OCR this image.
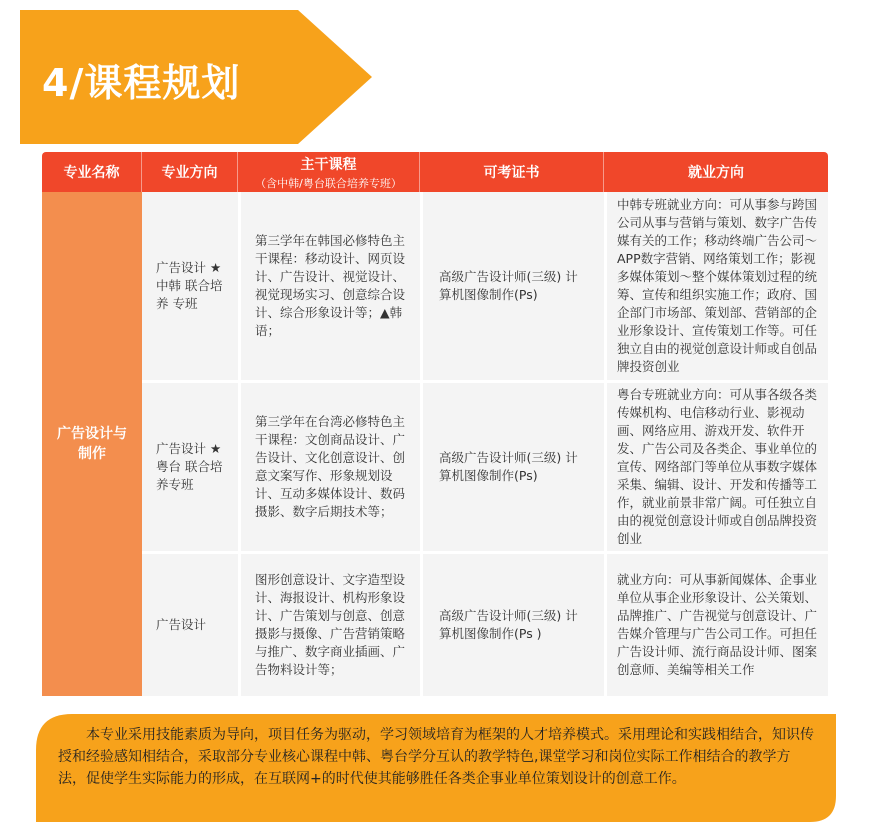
4/课程规划
专业名称	专业方向
主干课程
（含中韩/粤台联合培养专班）
可考证书	就业方向
广告设计与制作
广告设计 ★中韩 联合培养 专班
第三学年在韩国必修特色主干课程：移动设计、网页设计、广告设计、视觉设计、视觉现场实习、创意综合设计、综合形象设计等；▲韩语；
高级广告设计师(三级) 计算机图像制作(Ps)
中韩专班就业方向：可从事参与跨国公司从事与营销与策划、数字广告传媒有关的工作；移动终端广告公司～APP数字营销、网络策划工作；影视多媒体策划～整个媒体策划过程的统筹、宣传和组织实施工作；政府、国企部门市场部、策划部、营销部的企业形象设计、宣传策划工作等。可任独立自由的视觉创意设计师或自创品牌投资创业
广告设计 ★粤台 联合培养专班
第三学年在台湾必修特色主干课程：文创商品设计、广告设计、文化创意设计、创意文案写作、形象规划设计、互动多媒体设计、数码摄影、数字后期技术等；
高级广告设计师(三级) 计算机图像制作(Ps)
粤台专班就业方向：可从事各级各类传媒机构、电信移动行业、影视动画、网络应用、游戏开发、软件开发、广告公司及各类企、事业单位的宣传、网络部门等单位从事数字媒体采集、编辑、设计、开发和传播等工作，就业前景非常广阔。可任独立自由的视觉创意设计师或自创品牌投资创业
广告设计
图形创意设计、文字造型设计、海报设计、机构形象设计、广告策划与创意、创意摄影与摄像、广告营销策略与推广、数字商业插画、广告物料设计等；
高级广告设计师(三级) 计算机图像制作(Ps )
就业方向：可从事新闻媒体、企事业单位从事企业形象设计、公关策划、品牌推广、广告视觉与创意设计、广告媒介管理与广告公司工作。可担任广告设计师、流行商品设计师、图案创意师、美编等相关工作
本专业采用技能素质为导向，项目任务为驱动，学习领域培育为框架的人才培养模式。采用理论和实践相结合，知识传授和经验感知相结合，采取部分专业核心课程中韩、粤台学分互认的教学特色,课堂学习和岗位实际工作相结合的教学方法，促使学生实际能力的形成，在互联网+的时代使其能够胜任各类企事业单位策划设计的创意工作。
